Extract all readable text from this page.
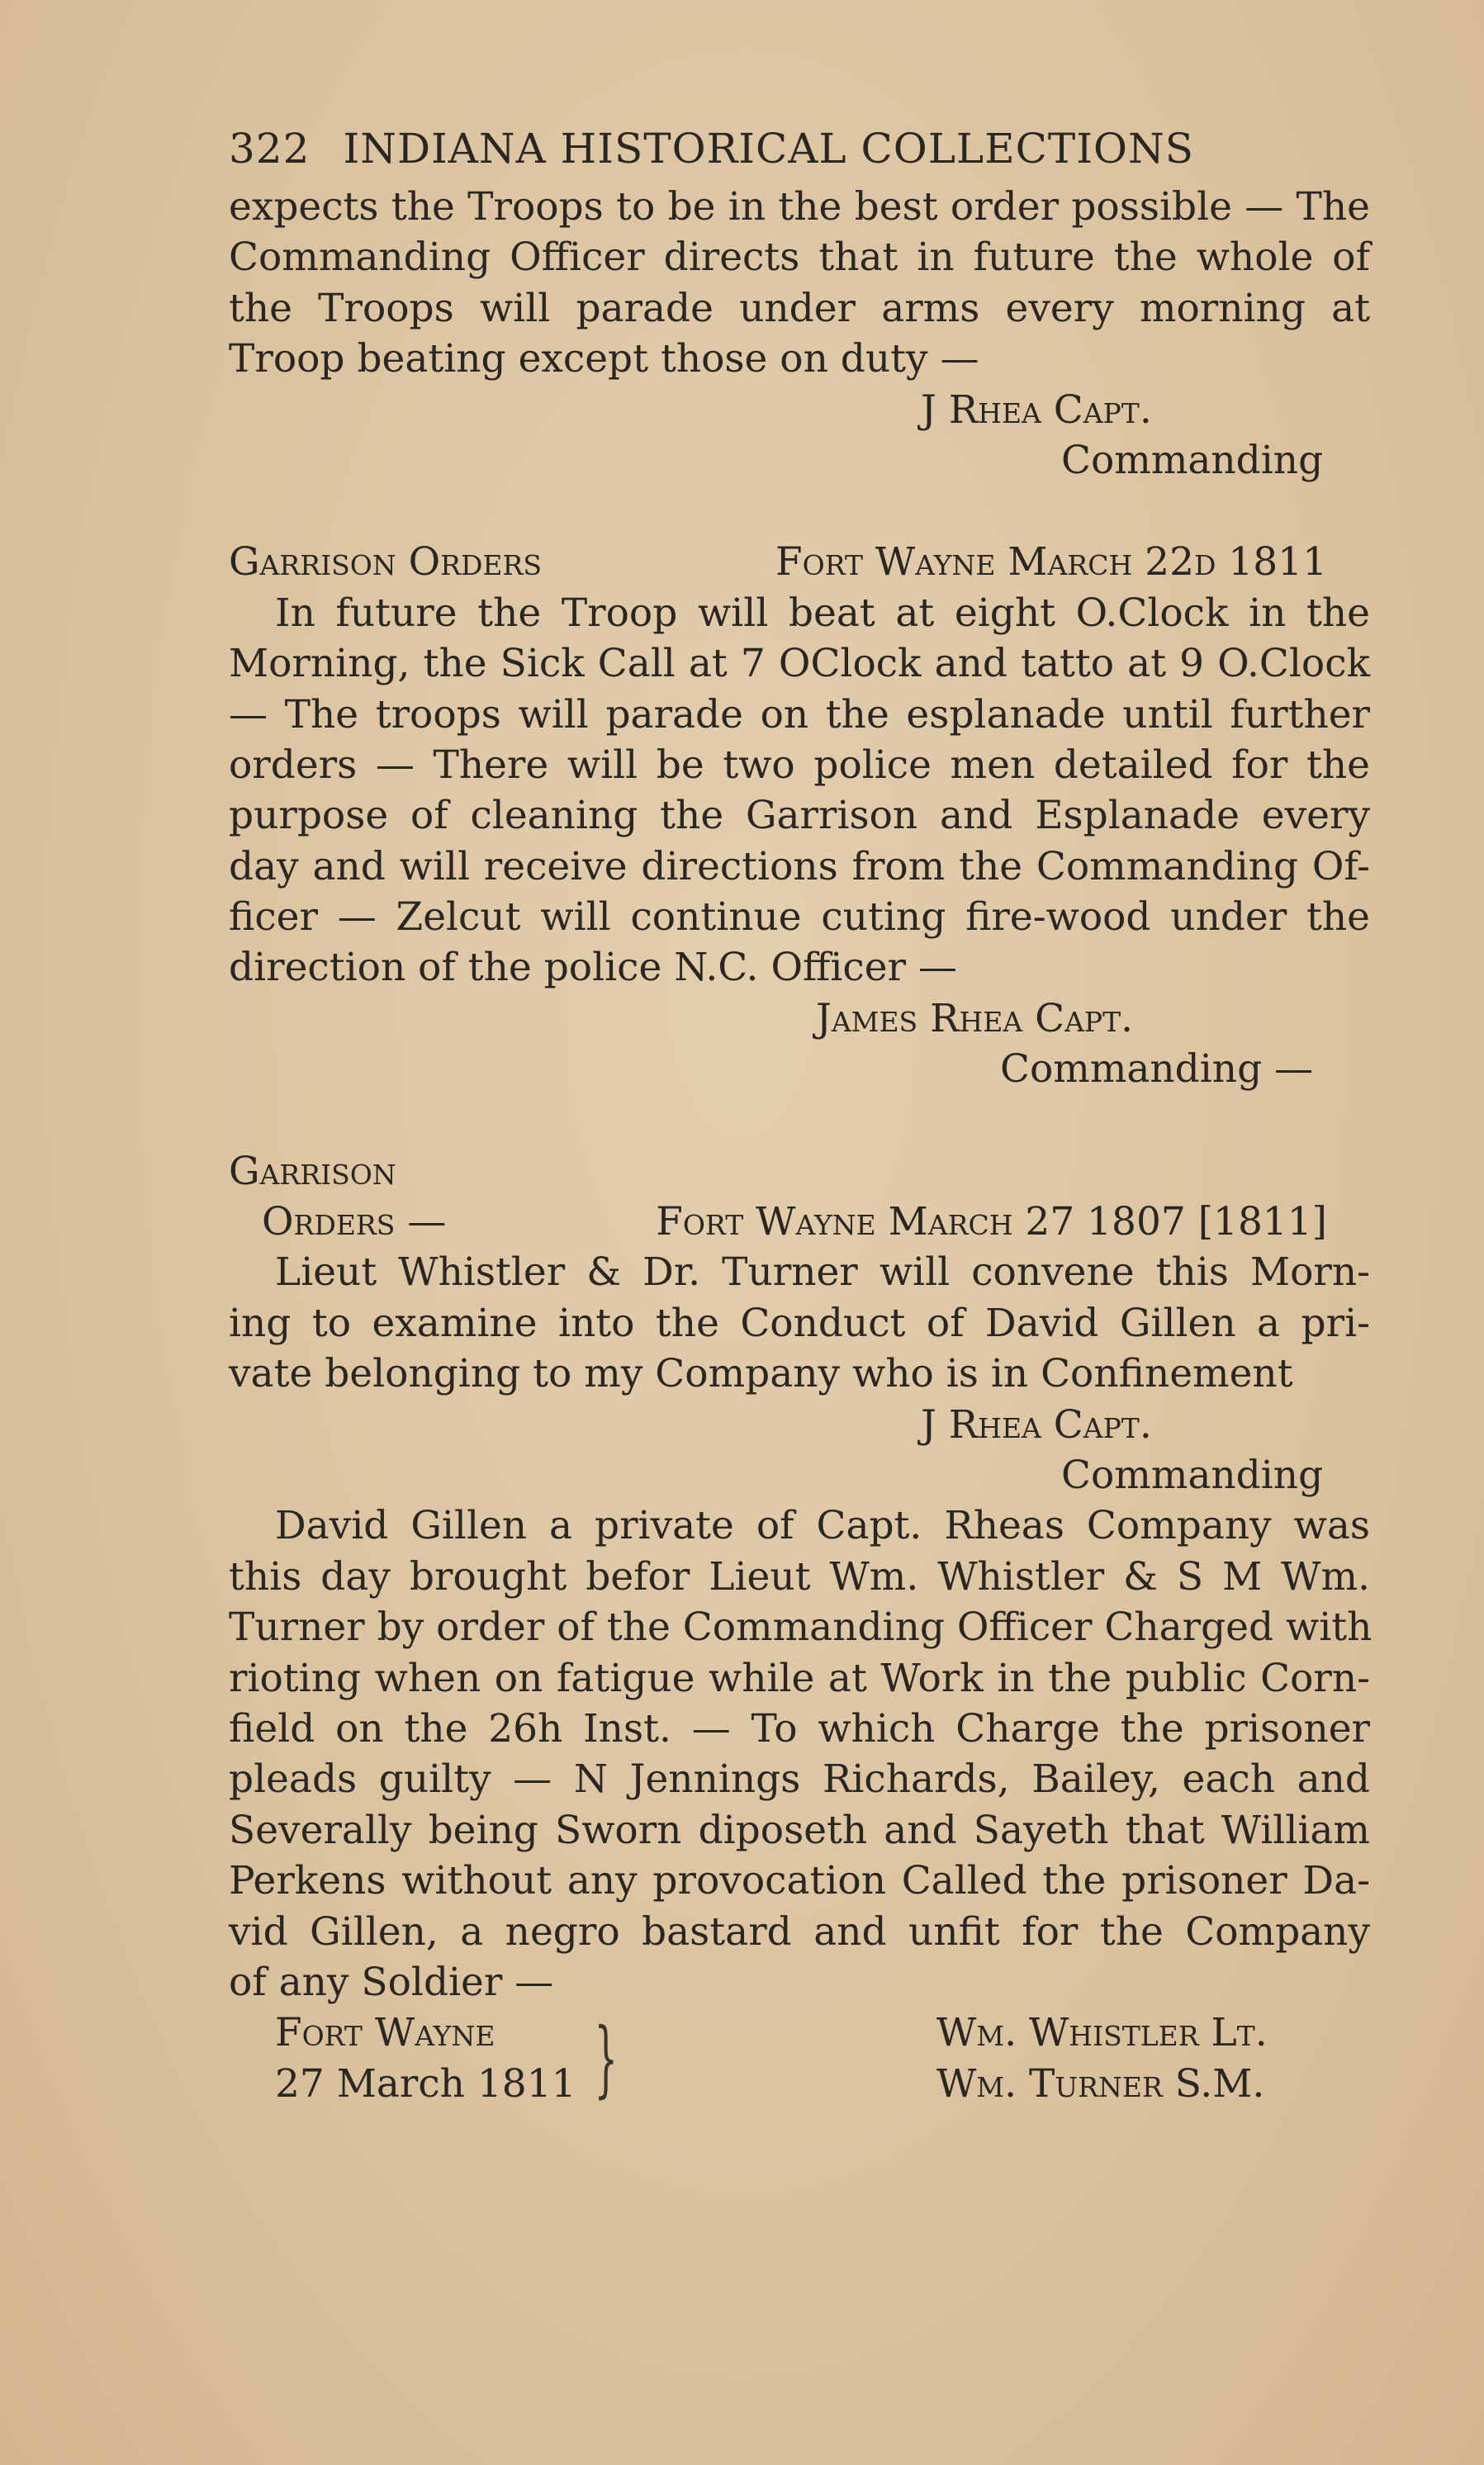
322 INDIANA HISTORICAL COLLECTIONS
expects the Troops to be in the best order possible — The
Commanding Officer directs that in future the whole of
the Troops will parade under arms every morning at
Troop beating except those on duty —
J Rhea Capt.
Commanding
Garrison Orders	Fort Wayne March 22d 1811
In future the Troop will beat at eight O.Clock in the
Morning, the Sick Call at 7 OClock and tatto at 9 O.Clock
— The troops will parade on the esplanade until further
orders — There will be two police men detailed for the
purpose of cleaning the Garrison and Esplanade every
day and will receive directions from the Commanding Of-
ficer — Zelcut will continue cuting fire-wood under the
direction of the police N.C. Officer —
James Rhea Capt.
Commanding —
Garrison
Orders —	Fort Wayne March 27 1807 [1811]
Lieut Whistler & Dr. Turner will convene this Morn-
ing to examine into the Conduct of David Gillen a pri-
vate belonging to my Company who is in Confinement
J Rhea Capt.
Commanding
David Gillen a private of Capt. Rheas Company was
this day brought befor Lieut Wm. Whistler & S M Wm.
Turner by order of the Commanding Officer Charged with
rioting when on fatigue while at Work in the public Corn-
field on the 26h Inst. — To which Charge the prisoner
pleads guilty — N Jennings Richards, Bailey, each and
Severally being Sworn diposeth and Sayeth that William
Perkens without any provocation Called the prisoner Da-
vid Gillen, a negro bastard and unfit for the Company
of any Soldier —
Fort Wayne
27 March 1811 }	Wm. Whistler Lt.
Wm. Turner S.M.
